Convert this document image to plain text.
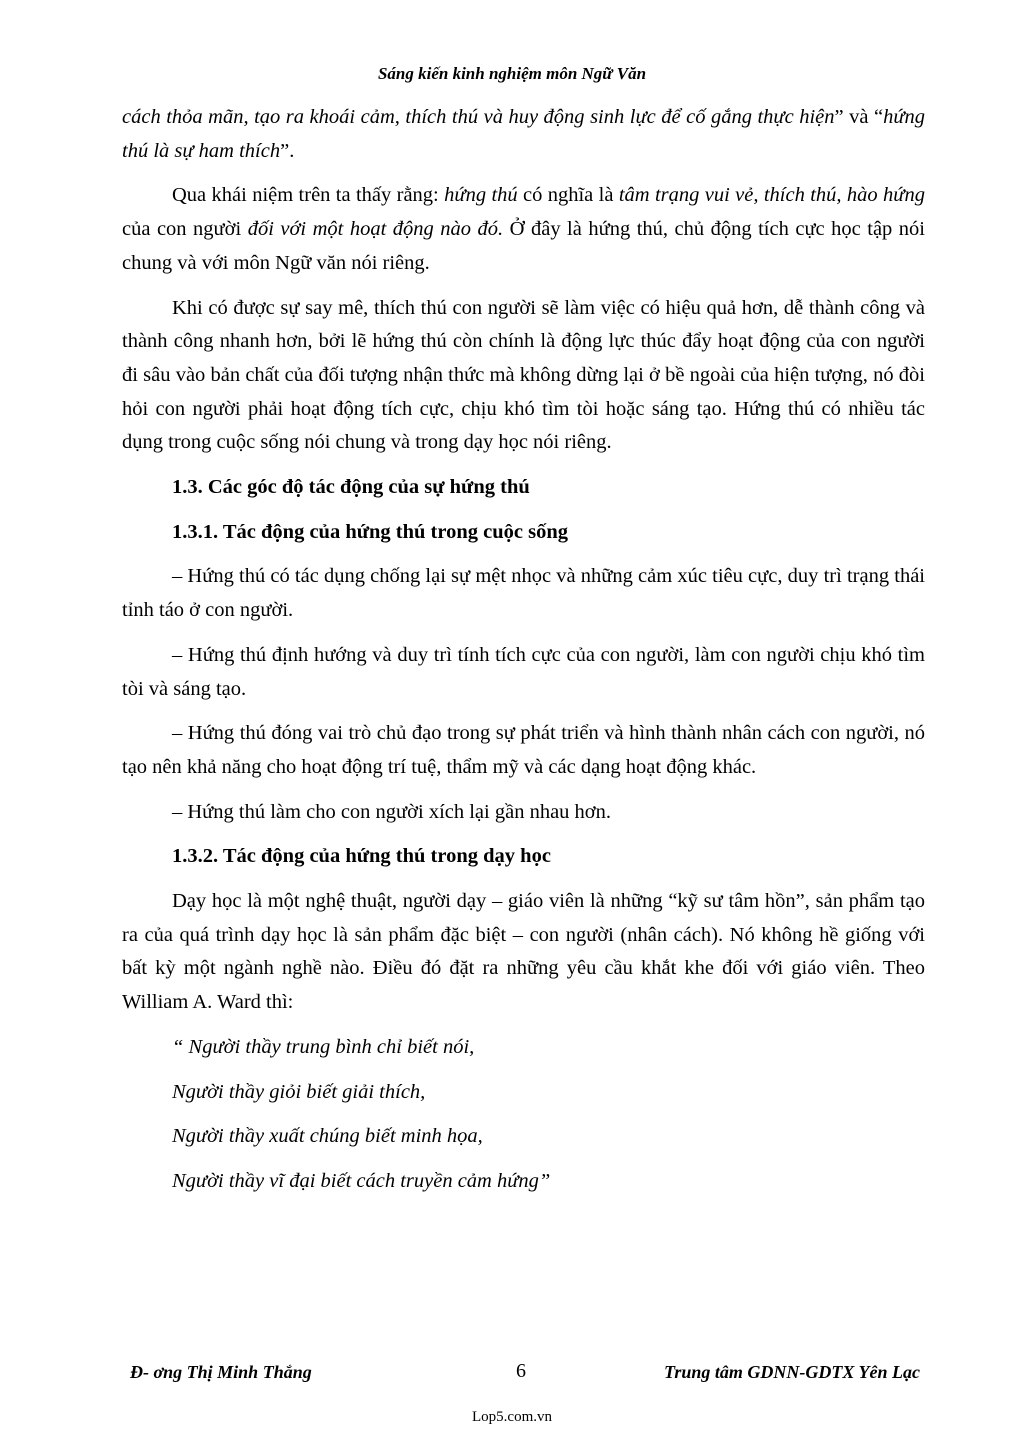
Sáng kiến kinh nghiệm môn Ngữ Văn

cách thỏa mãn, tạo ra khoái cảm, thích thú và huy động sinh lực để cố gắng thực hiện” và “hứng thú là sự ham thích”.

Qua khái niệm trên ta thấy rằng: hứng thú có nghĩa là tâm trạng vui vẻ, thích thú, hào hứng của con người đối với một hoạt động nào đó. Ở đây là hứng thú, chủ động tích cực học tập nói chung và với môn Ngữ văn nói riêng.

Khi có được sự say mê, thích thú con người sẽ làm việc có hiệu quả hơn, dễ thành công và thành công nhanh hơn, bởi lẽ hứng thú còn chính là động lực thúc đẩy hoạt động của con người đi sâu vào bản chất của đối tượng nhận thức mà không dừng lại ở bề ngoài của hiện tượng, nó đòi hỏi con người phải hoạt động tích cực, chịu khó tìm tòi hoặc sáng tạo. Hứng thú có nhiều tác dụng trong cuộc sống nói chung và trong dạy học nói riêng.

1.3. Các góc độ tác động của sự hứng thú
1.3.1. Tác động của hứng thú trong cuộc sống

– Hứng thú có tác dụng chống lại sự mệt nhọc và những cảm xúc tiêu cực, duy trì trạng thái tỉnh táo ở con người.

– Hứng thú định hướng và duy trì tính tích cực của con người, làm con người chịu khó tìm tòi và sáng tạo.

– Hứng thú đóng vai trò chủ đạo trong sự phát triển và hình thành nhân cách con người, nó tạo nên khả năng cho hoạt động trí tuệ, thẩm mỹ và các dạng hoạt động khác.

– Hứng thú làm cho con người xích lại gần nhau hơn.

1.3.2. Tác động của hứng thú trong dạy học

Dạy học là một nghệ thuật, người dạy – giáo viên là những “kỹ sư tâm hồn”, sản phẩm tạo ra của quá trình dạy học là sản phẩm đặc biệt – con người (nhân cách). Nó không hề giống với bất kỳ một ngành nghề nào. Điều đó đặt ra những yêu cầu khắt khe đối với giáo viên. Theo William A. Ward thì:

“ Người thầy trung bình chỉ biết nói,
Người thầy giỏi biết giải thích,
Người thầy xuất chúng biết minh họa,
Người thầy vĩ đại biết cách truyền cảm hứng”
Đ- ơng Thị Minh Thắng	6	Trung tâm GDNN-GDTX Yên Lạc
Lop5.com.vn
